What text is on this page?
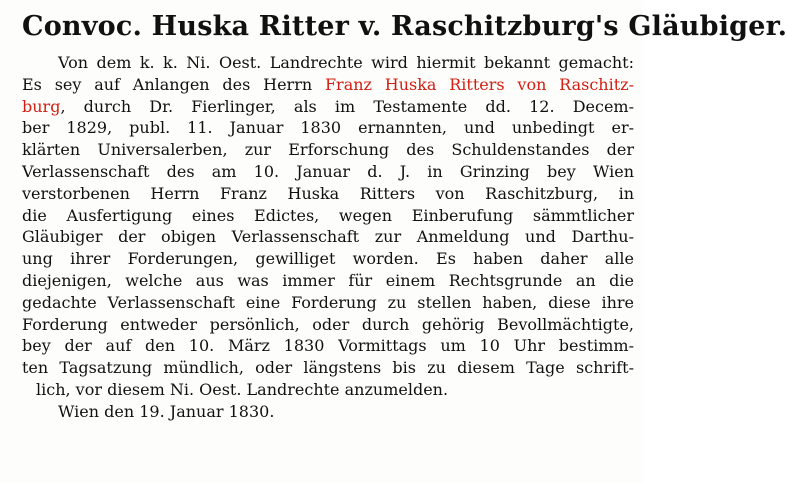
Convoc. Huska Ritter v. Raschitzburg's Gläubiger.
Von dem k. k. Ni. Oest. Landrechte wird hiermit bekannt gemacht:
Es sey auf Anlangen des Herrn Franz Huska Ritters von Raschitz-
burg, durch Dr. Fierlinger, als im Testamente dd. 12. Decem-
ber 1829, publ. 11. Januar 1830 ernannten, und unbedingt er-
klärten Universalerben, zur Erforschung des Schuldenstandes der
Verlassenschaft des am 10. Januar d. J. in Grinzing bey Wien
verstorbenen Herrn Franz Huska Ritters von Raschitzburg, in
die Ausfertigung eines Edictes, wegen Einberufung sämmtlicher
Gläubiger der obigen Verlassenschaft zur Anmeldung und Darthu-
ung ihrer Forderungen, gewilliget worden. Es haben daher alle
diejenigen, welche aus was immer für einem Rechtsgrunde an die
gedachte Verlassenschaft eine Forderung zu stellen haben, diese ihre
Forderung entweder persönlich, oder durch gehörig Bevollmächtigte,
bey der auf den 10. März 1830 Vormittags um 10 Uhr bestimm-
ten Tagsatzung mündlich, oder längstens bis zu diesem Tage schrift-
lich, vor diesem Ni. Oest. Landrechte anzumelden.
Wien den 19. Januar 1830.
